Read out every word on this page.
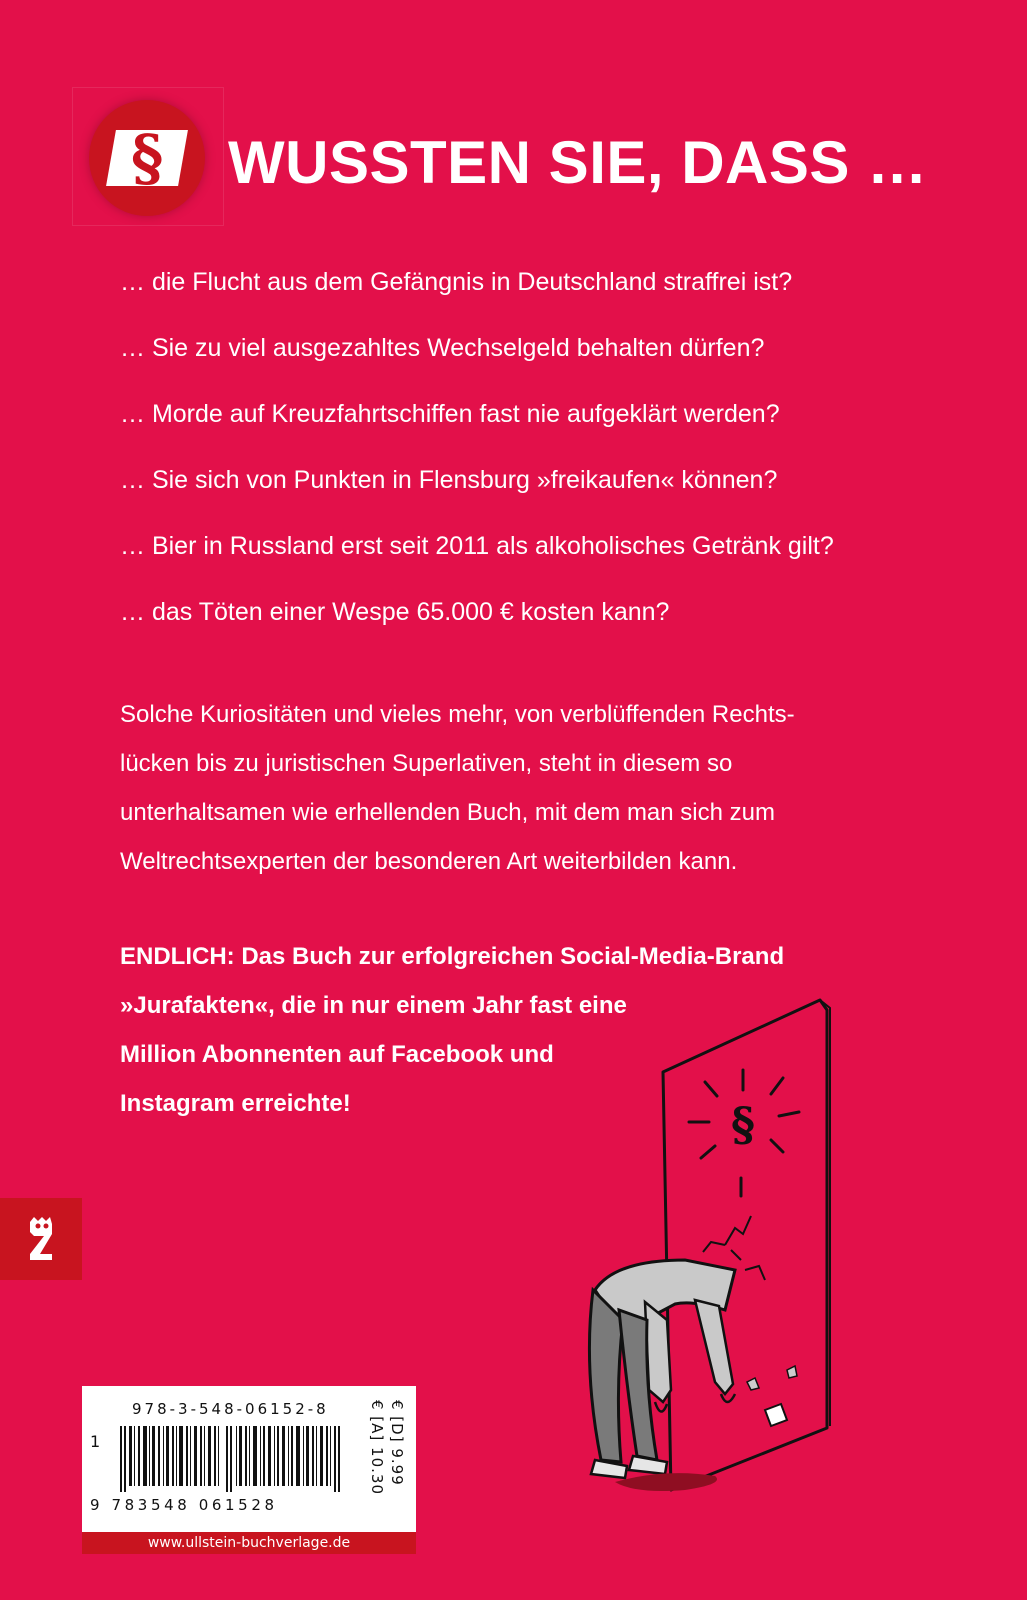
§ WUSSTEN SIE, DASS …
… die Flucht aus dem Gefängnis in Deutschland straffrei ist?
… Sie zu viel ausgezahltes Wechselgeld behalten dürfen?
… Morde auf Kreuzfahrtschiffen fast nie aufgeklärt werden?
… Sie sich von Punkten in Flensburg »freikaufen« können?
… Bier in Russland erst seit 2011 als alkoholisches Getränk gilt?
… das Töten einer Wespe 65.000 € kosten kann?
Solche Kuriositäten und vieles mehr, von verblüffenden Rechts-
lücken bis zu juristischen Superlativen, steht in diesem so
unterhaltsamen wie erhellenden Buch, mit dem man sich zum
Weltrechtsexperten der besonderen Art weiterbilden kann.
ENDLICH: Das Buch zur erfolgreichen Social-Media-Brand
»Jurafakten«, die in nur einem Jahr fast eine
Million Abonnenten auf Facebook und
Instagram erreichte!	§
978-3-548-06152-8
1
9 783548 061528
€ [D] 9.99
€ [A] 10.30
www.ullstein-buchverlage.de
